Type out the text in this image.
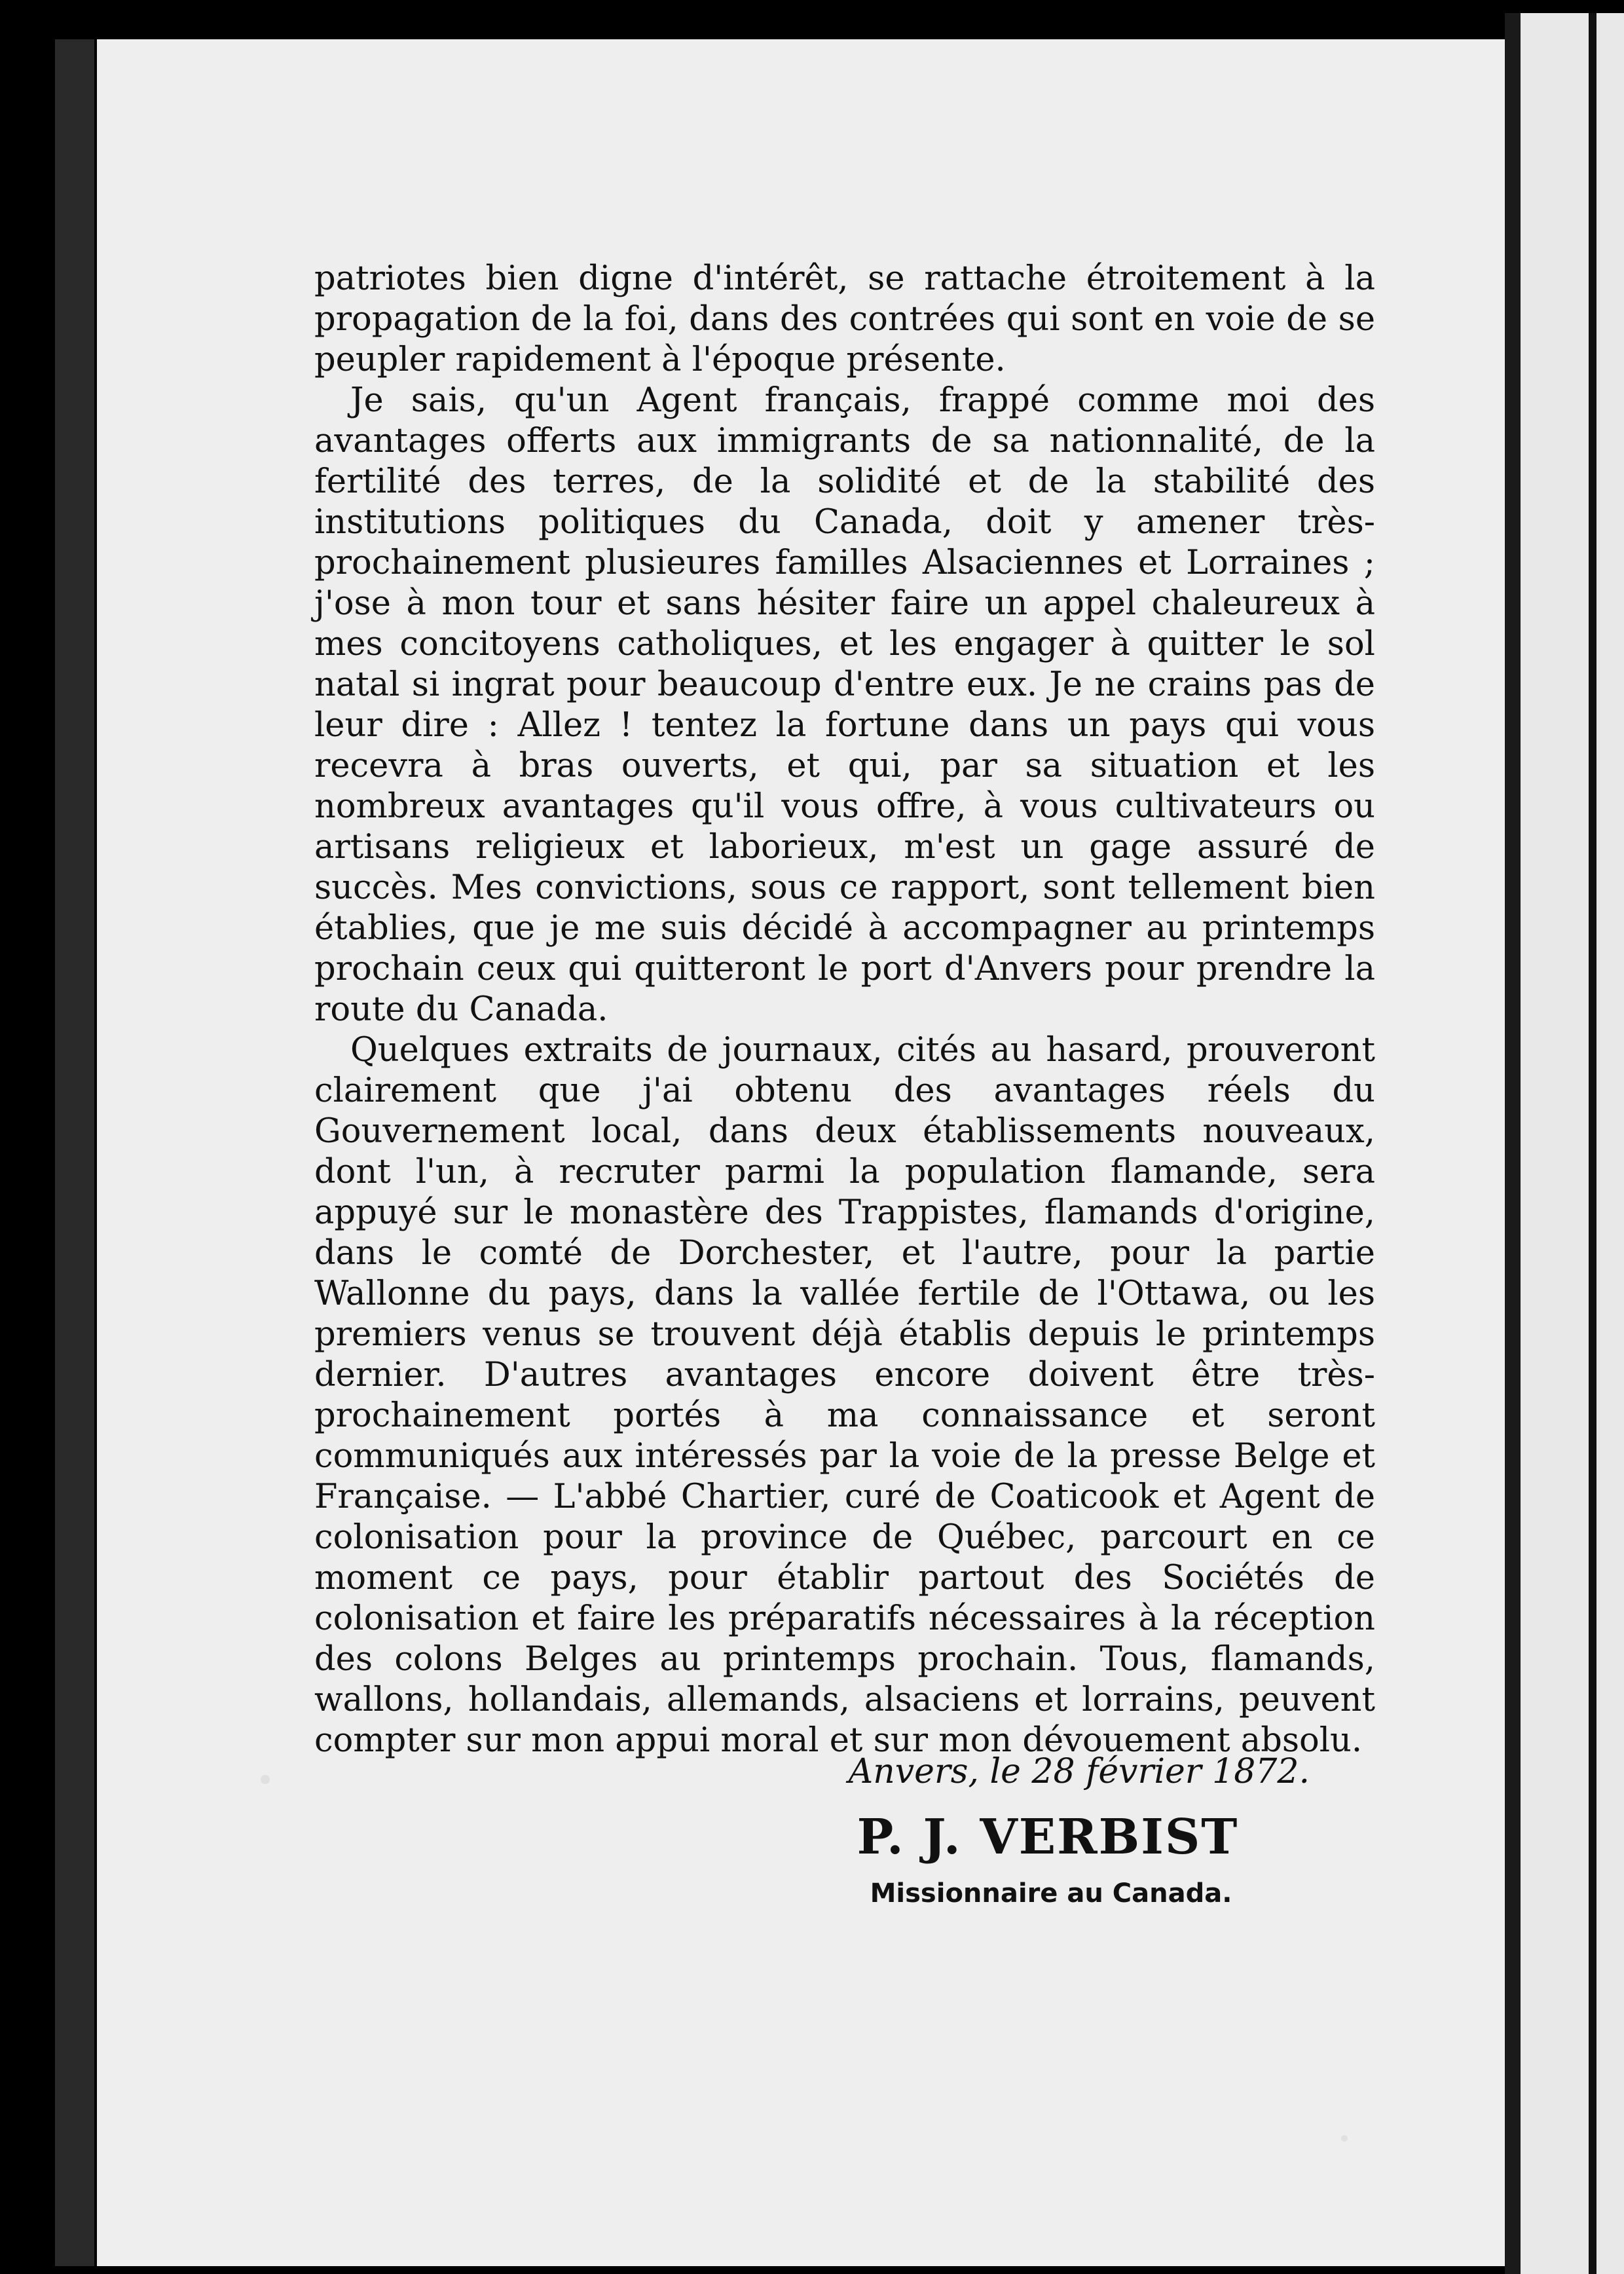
patriotes bien digne d'intérêt, se rattache étroitement à la propagation de la foi, dans des contrées qui sont en voie de se peupler rapidement à l'époque présente.

Je sais, qu'un Agent français, frappé comme moi des avantages offerts aux immigrants de sa nationnalité, de la fertilité des terres, de la solidité et de la stabilité des institutions politiques du Canada, doit y amener très-prochainement plusieures familles Alsaciennes et Lorraines ; j'ose à mon tour et sans hésiter faire un appel chaleureux à mes concitoyens catholiques, et les engager à quitter le sol natal si ingrat pour beaucoup d'entre eux. Je ne crains pas de leur dire : Allez ! tentez la fortune dans un pays qui vous recevra à bras ouverts, et qui, par sa situation et les nombreux avantages qu'il vous offre, à vous cultivateurs ou artisans religieux et laborieux, m'est un gage assuré de succès. Mes convictions, sous ce rapport, sont tellement bien établies, que je me suis décidé à accompagner au printemps prochain ceux qui quitteront le port d'Anvers pour prendre la route du Canada.

Quelques extraits de journaux, cités au hasard, prouveront clairement que j'ai obtenu des avantages réels du Gouvernement local, dans deux établissements nouveaux, dont l'un, à recruter parmi la population flamande, sera appuyé sur le monastère des Trappistes, flamands d'origine, dans le comté de Dorchester, et l'autre, pour la partie Wallonne du pays, dans la vallée fertile de l'Ottawa, ou les premiers venus se trouvent déjà établis depuis le printemps dernier. D'autres avantages encore doivent être très-prochainement portés à ma connaissance et seront communiqués aux intéressés par la voie de la presse Belge et Française. — L'abbé Chartier, curé de Coaticook et Agent de colonisation pour la province de Québec, parcourt en ce moment ce pays, pour établir partout des Sociétés de colonisation et faire les préparatifs nécessaires à la réception des colons Belges au printemps prochain. Tous, flamands, wallons, hollandais, allemands, alsaciens et lorrains, peuvent compter sur mon appui moral et sur mon dévouement absolu.

Anvers, le 28 février 1872.
P. J. VERBIST
Missionnaire au Canada.
